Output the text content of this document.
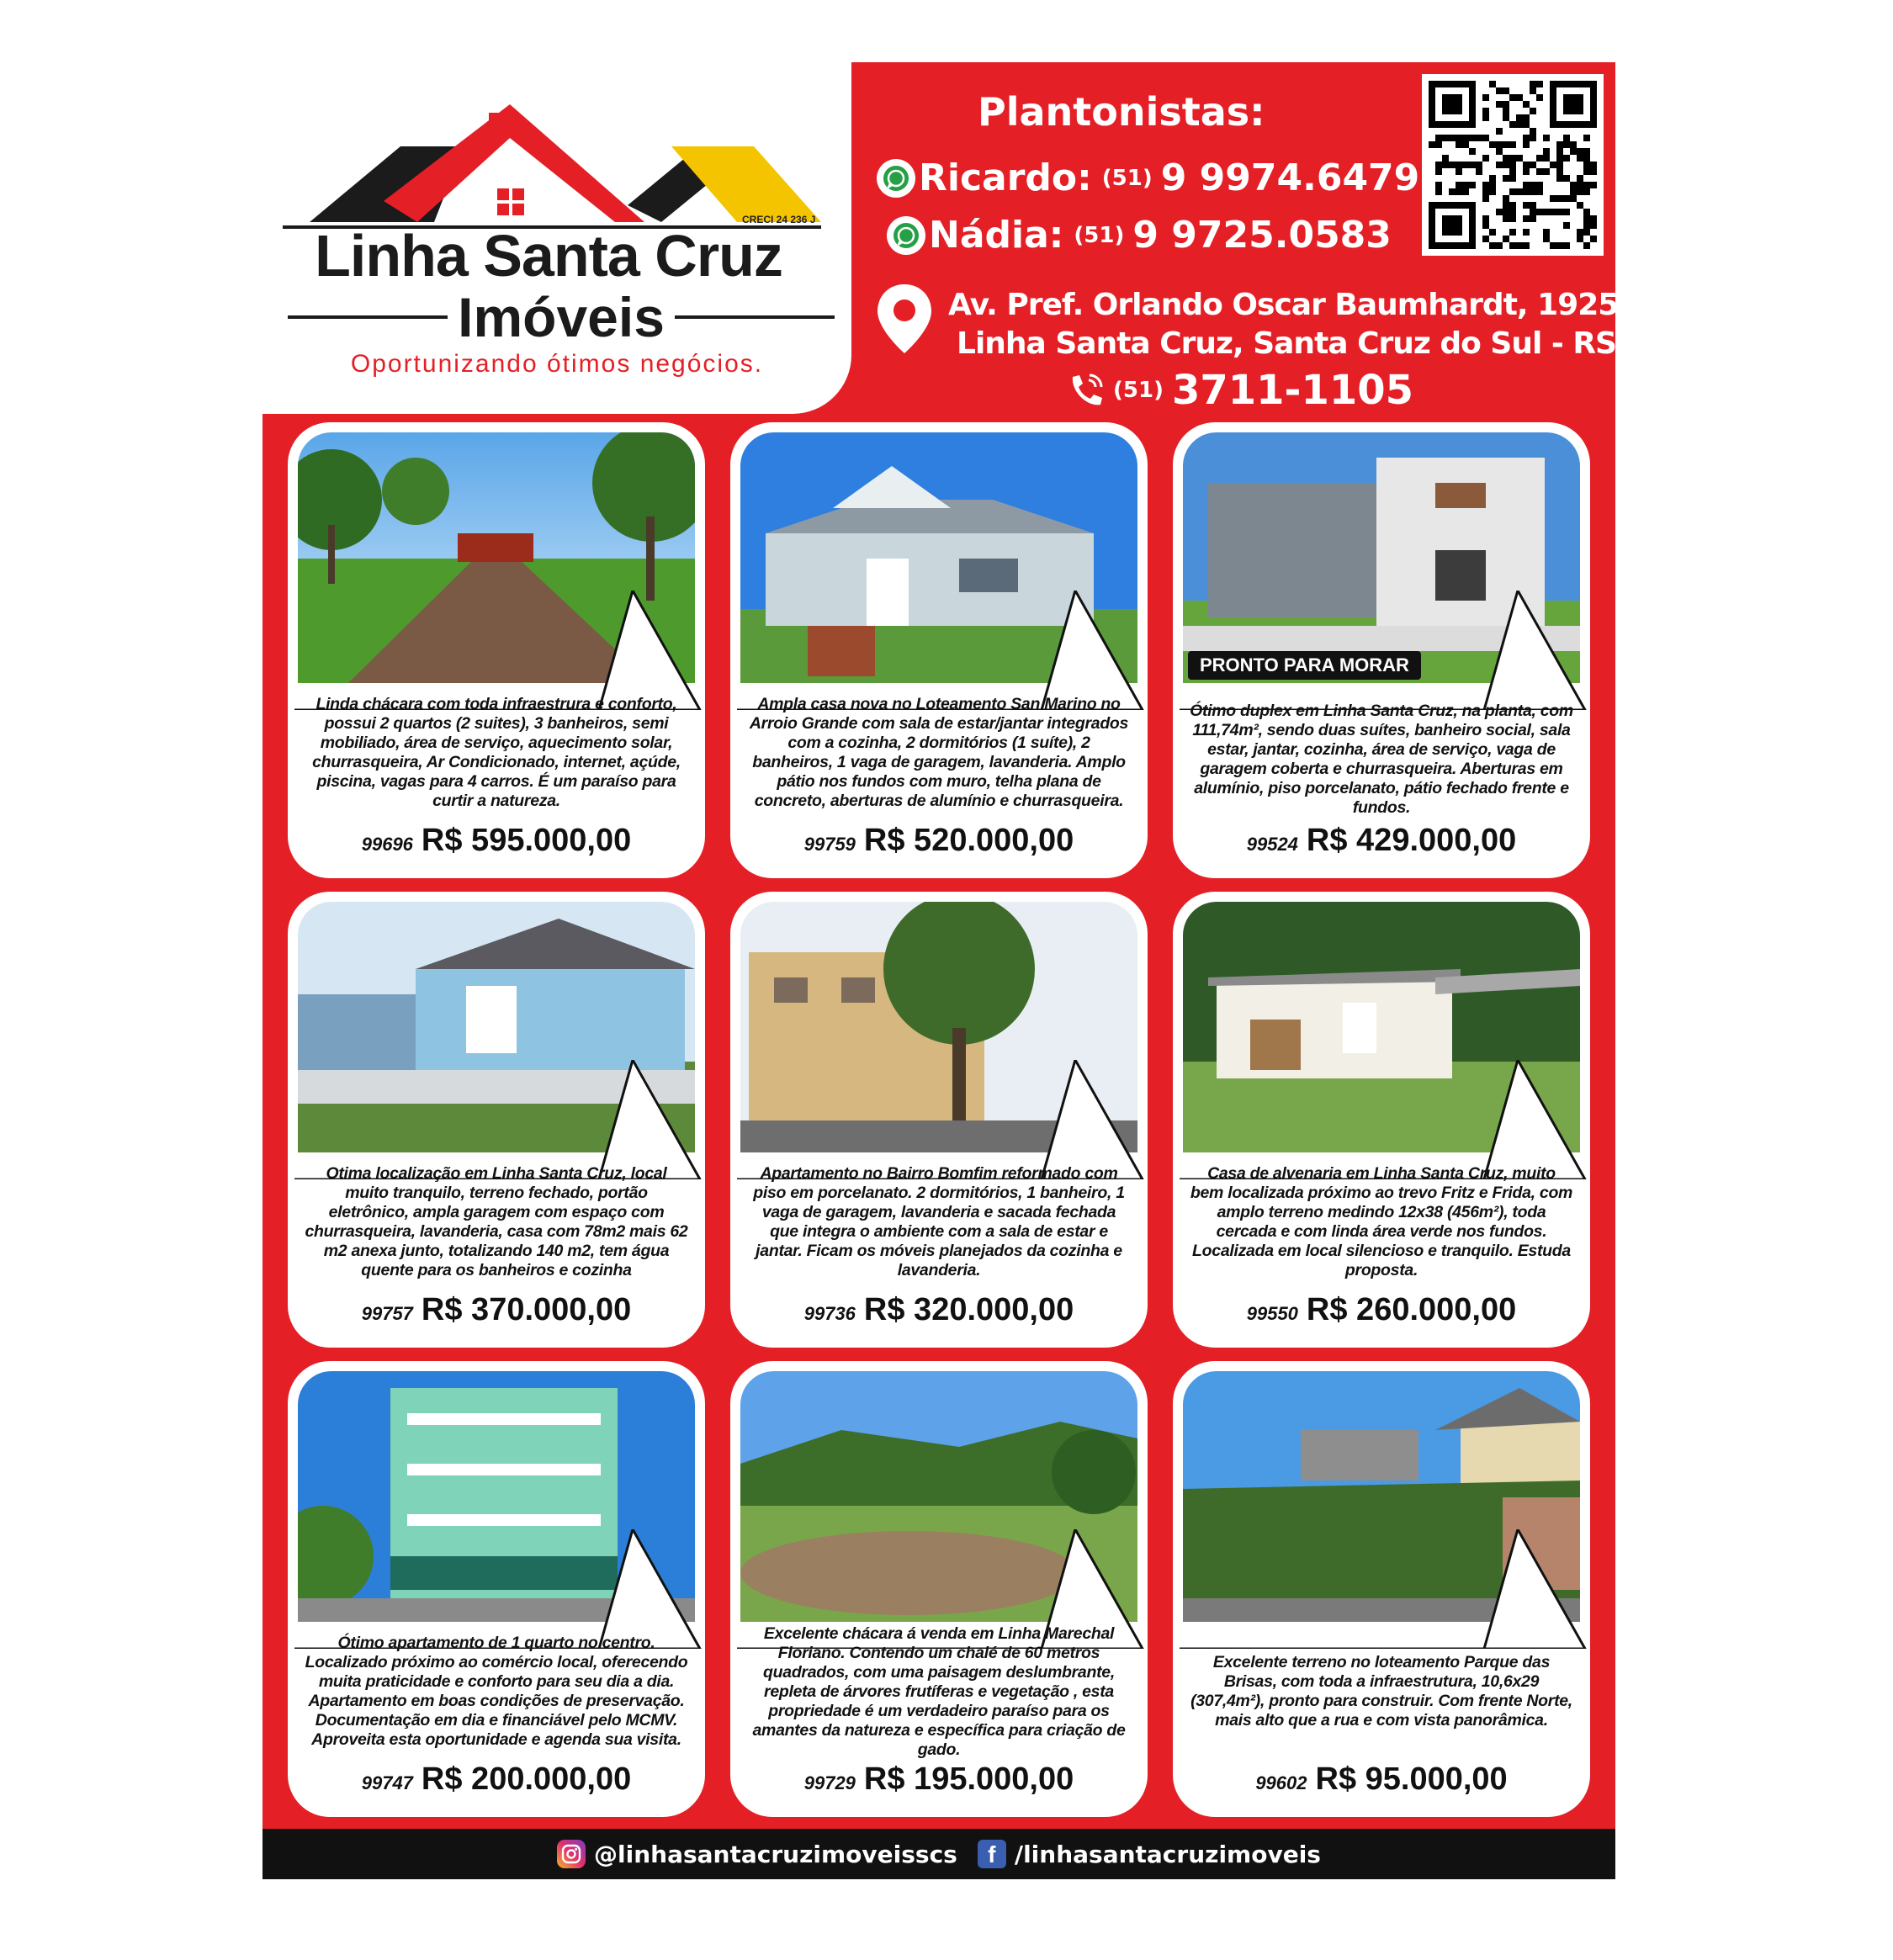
CRECI 24 236 J
Linha Santa Cruz
Imóveis
Oportunizando ótimos negócios.
Plantonistas:
Ricardo: (51) 9 9974.6479
Nádia: (51) 9 9725.0583
Av. Pref. Orlando Oscar Baumhardt, 1925
Linha Santa Cruz, Santa Cruz do Sul - RS
(51) 3711-1105
Linda chácara com toda infraestrura e conforto, possui 2 quartos (2 suites), 3 banheiros, semi mobiliado, área de serviço, aquecimento solar, churrasqueira, Ar Condicionado, internet, açúde, piscina, vagas para 4 carros. É um paraíso para curtir a natureza.
99696 R$ 595.000,00
Ampla casa nova no Loteamento San Marino no Arroio Grande com sala de estar/jantar integrados com a cozinha, 2 dormitórios (1 suíte), 2 banheiros, 1 vaga de garagem, lavanderia. Amplo pátio nos fundos com muro, telha plana de concreto, aberturas de alumínio e churrasqueira.
99759 R$ 520.000,00
PRONTO PARA MORAR
Ótimo duplex em Linha Santa Cruz, na planta, com 111,74m², sendo duas suítes, banheiro social, sala estar, jantar, cozinha, área de serviço, vaga de garagem coberta e churrasqueira. Aberturas em alumínio, piso porcelanato, pátio fechado frente e fundos.
99524 R$ 429.000,00
Otima localização em Linha Santa Cruz, local muito tranquilo, terreno fechado, portão eletrônico, ampla garagem com espaço com churrasqueira, lavanderia, casa com 78m2 mais 62 m2 anexa junto, totalizando 140 m2, tem água quente para os banheiros e cozinha
99757 R$ 370.000,00
Apartamento no Bairro Bomfim reformado com piso em porcelanato. 2 dormitórios, 1 banheiro, 1 vaga de garagem, lavanderia e sacada fechada que integra o ambiente com a sala de estar e jantar. Ficam os móveis planejados da cozinha e lavanderia.
99736 R$ 320.000,00
Casa de alvenaria em Linha Santa Cruz, muito bem localizada próximo ao trevo Fritz e Frida, com amplo terreno medindo 12x38 (456m²), toda cercada e com linda área verde nos fundos. Localizada em local silencioso e tranquilo. Estuda proposta.
99550 R$ 260.000,00
Ótimo apartamento de 1 quarto no centro. Localizado próximo ao comércio local, oferecendo muita praticidade e conforto para seu dia a dia. Apartamento em boas condições de preservação. Documentação em dia e financiável pelo MCMV. Aproveita esta oportunidade e agenda sua visita.
99747 R$ 200.000,00
Excelente chácara á venda em Linha Marechal Floriano. Contendo um chalé de 60 metros quadrados, com uma paisagem deslumbrante, repleta de árvores frutíferas e vegetação , esta propriedade é um verdadeiro paraíso para os amantes da natureza e específica para criação de gado.
99729 R$ 195.000,00
Excelente terreno no loteamento Parque das Brisas, com toda a infraestrutura, 10,6x29 (307,4m²), pronto para construir. Com frente Norte, mais alto que a rua e com vista panorâmica.
99602 R$ 95.000,00
@linhasantacruzimoveisscs	f /linhasantacruzimoveis
